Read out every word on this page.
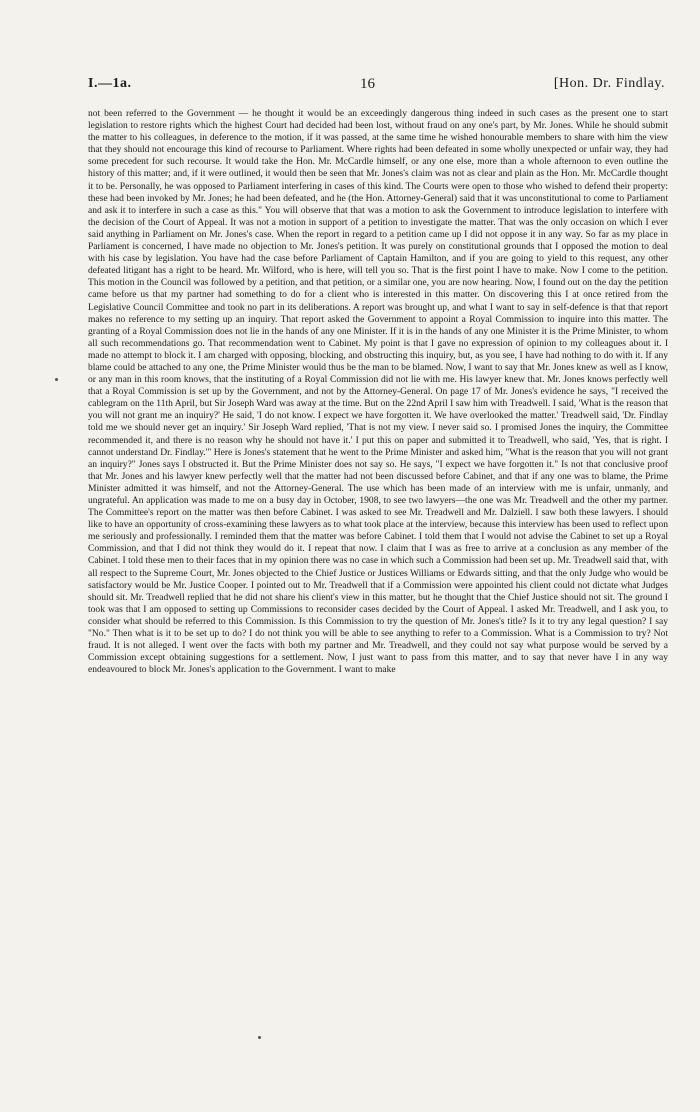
I.—1a.	16	[Hon. Dr. Findlay.

not been referred to the Government — he thought it would be an exceedingly dangerous thing indeed in such cases as the present one to start legislation to restore rights which the highest Court had decided had been lost, without fraud on any one's part, by Mr. Jones. While he should submit the matter to his colleagues, in deference to the motion, if it was passed, at the same time he wished honourable members to share with him the view that they should not encourage this kind of recourse to Parliament. Where rights had been defeated in some wholly unexpected or unfair way, they had some precedent for such recourse. It would take the Hon. Mr. McCardle himself, or any one else, more than a whole afternoon to even outline the history of this matter; and, if it were outlined, it would then be seen that Mr. Jones's claim was not as clear and plain as the Hon. Mr. McCardle thought it to be. Personally, he was opposed to Parliament interfering in cases of this kind. The Courts were open to those who wished to defend their property: these had been invoked by Mr. Jones; he had been defeated, and he (the Hon. Attorney-General) said that it was unconstitutional to come to Parliament and ask it to interfere in such a case as this." You will observe that that was a motion to ask the Government to introduce legislation to interfere with the decision of the Court of Appeal. It was not a motion in support of a petition to investigate the matter. That was the only occasion on which I ever said anything in Parliament on Mr. Jones's case. When the report in regard to a petition came up I did not oppose it in any way. So far as my place in Parliament is concerned, I have made no objection to Mr. Jones's petition. It was purely on constitutional grounds that I opposed the motion to deal with his case by legislation. You have had the case before Parliament of Captain Hamilton, and if you are going to yield to this request, any other defeated litigant has a right to be heard. Mr. Wilford, who is here, will tell you so. That is the first point I have to make. Now I come to the petition. This motion in the Council was followed by a petition, and that petition, or a similar one, you are now hearing. Now, I found out on the day the petition came before us that my partner had something to do for a client who is interested in this matter. On discovering this I at once retired from the Legislative Council Committee and took no part in its deliberations. A report was brought up, and what I want to say in self-defence is that that report makes no reference to my setting up an inquiry. That report asked the Government to appoint a Royal Commission to inquire into this matter. The granting of a Royal Commission does not lie in the hands of any one Minister. If it is in the hands of any one Minister it is the Prime Minister, to whom all such recommendations go. That recommendation went to Cabinet. My point is that I gave no expression of opinion to my colleagues about it. I made no attempt to block it. I am charged with opposing, blocking, and obstructing this inquiry, but, as you see, I have had nothing to do with it. If any blame could be attached to any one, the Prime Minister would thus be the man to be blamed. Now, I want to say that Mr. Jones knew as well as I know, or any man in this room knows, that the instituting of a Royal Commission did not lie with me. His lawyer knew that. Mr. Jones knows perfectly well that a Royal Commission is set up by the Government, and not by the Attorney-General. On page 17 of Mr. Jones's evidence he says, "I received the cablegram on the 11th April, but Sir Joseph Ward was away at the time. But on the 22nd April I saw him with Treadwell. I said, 'What is the reason that you will not grant me an inquiry?' He said, 'I do not know. I expect we have forgotten it. We have overlooked the matter.' Treadwell said, 'Dr. Findlay told me we should never get an inquiry.' Sir Joseph Ward replied, 'That is not my view. I never said so. I promised Jones the inquiry, the Committee recommended it, and there is no reason why he should not have it.' I put this on paper and submitted it to Treadwell, who said, 'Yes, that is right. I cannot understand Dr. Findlay.'" Here is Jones's statement that he went to the Prime Minister and asked him, "What is the reason that you will not grant an inquiry?" Jones says I obstructed it. But the Prime Minister does not say so. He says, "I expect we have forgotten it." Is not that conclusive proof that Mr. Jones and his lawyer knew perfectly well that the matter had not been discussed before Cabinet, and that if any one was to blame, the Prime Minister admitted it was himself, and not the Attorney-General. The use which has been made of an interview with me is unfair, unmanly, and ungrateful. An application was made to me on a busy day in October, 1908, to see two lawyers—the one was Mr. Treadwell and the other my partner. The Committee's report on the matter was then before Cabinet. I was asked to see Mr. Treadwell and Mr. Dalziell. I saw both these lawyers. I should like to have an opportunity of cross-examining these lawyers as to what took place at the interview, because this interview has been used to reflect upon me seriously and professionally. I reminded them that the matter was before Cabinet. I told them that I would not advise the Cabinet to set up a Royal Commission, and that I did not think they would do it. I repeat that now. I claim that I was as free to arrive at a conclusion as any member of the Cabinet. I told these men to their faces that in my opinion there was no case in which such a Commission had been set up. Mr. Treadwell said that, with all respect to the Supreme Court, Mr. Jones objected to the Chief Justice or Justices Williams or Edwards sitting, and that the only Judge who would be satisfactory would be Mr. Justice Cooper. I pointed out to Mr. Treadwell that if a Commission were appointed his client could not dictate what Judges should sit. Mr. Treadwell replied that he did not share his client's view in this matter, but he thought that the Chief Justice should not sit. The ground I took was that I am opposed to setting up Commissions to reconsider cases decided by the Court of Appeal. I asked Mr. Treadwell, and I ask you, to consider what should be referred to this Commission. Is this Commission to try the question of Mr. Jones's title? Is it to try any legal question? I say "No." Then what is it to be set up to do? I do not think you will be able to see anything to refer to a Commission. What is a Commission to try? Not fraud. It is not alleged. I went over the facts with both my partner and Mr. Treadwell, and they could not say what purpose would be served by a Commission except obtaining suggestions for a settlement. Now, I just want to pass from this matter, and to say that never have I in any way endeavoured to block Mr. Jones's application to the Government. I want to make
